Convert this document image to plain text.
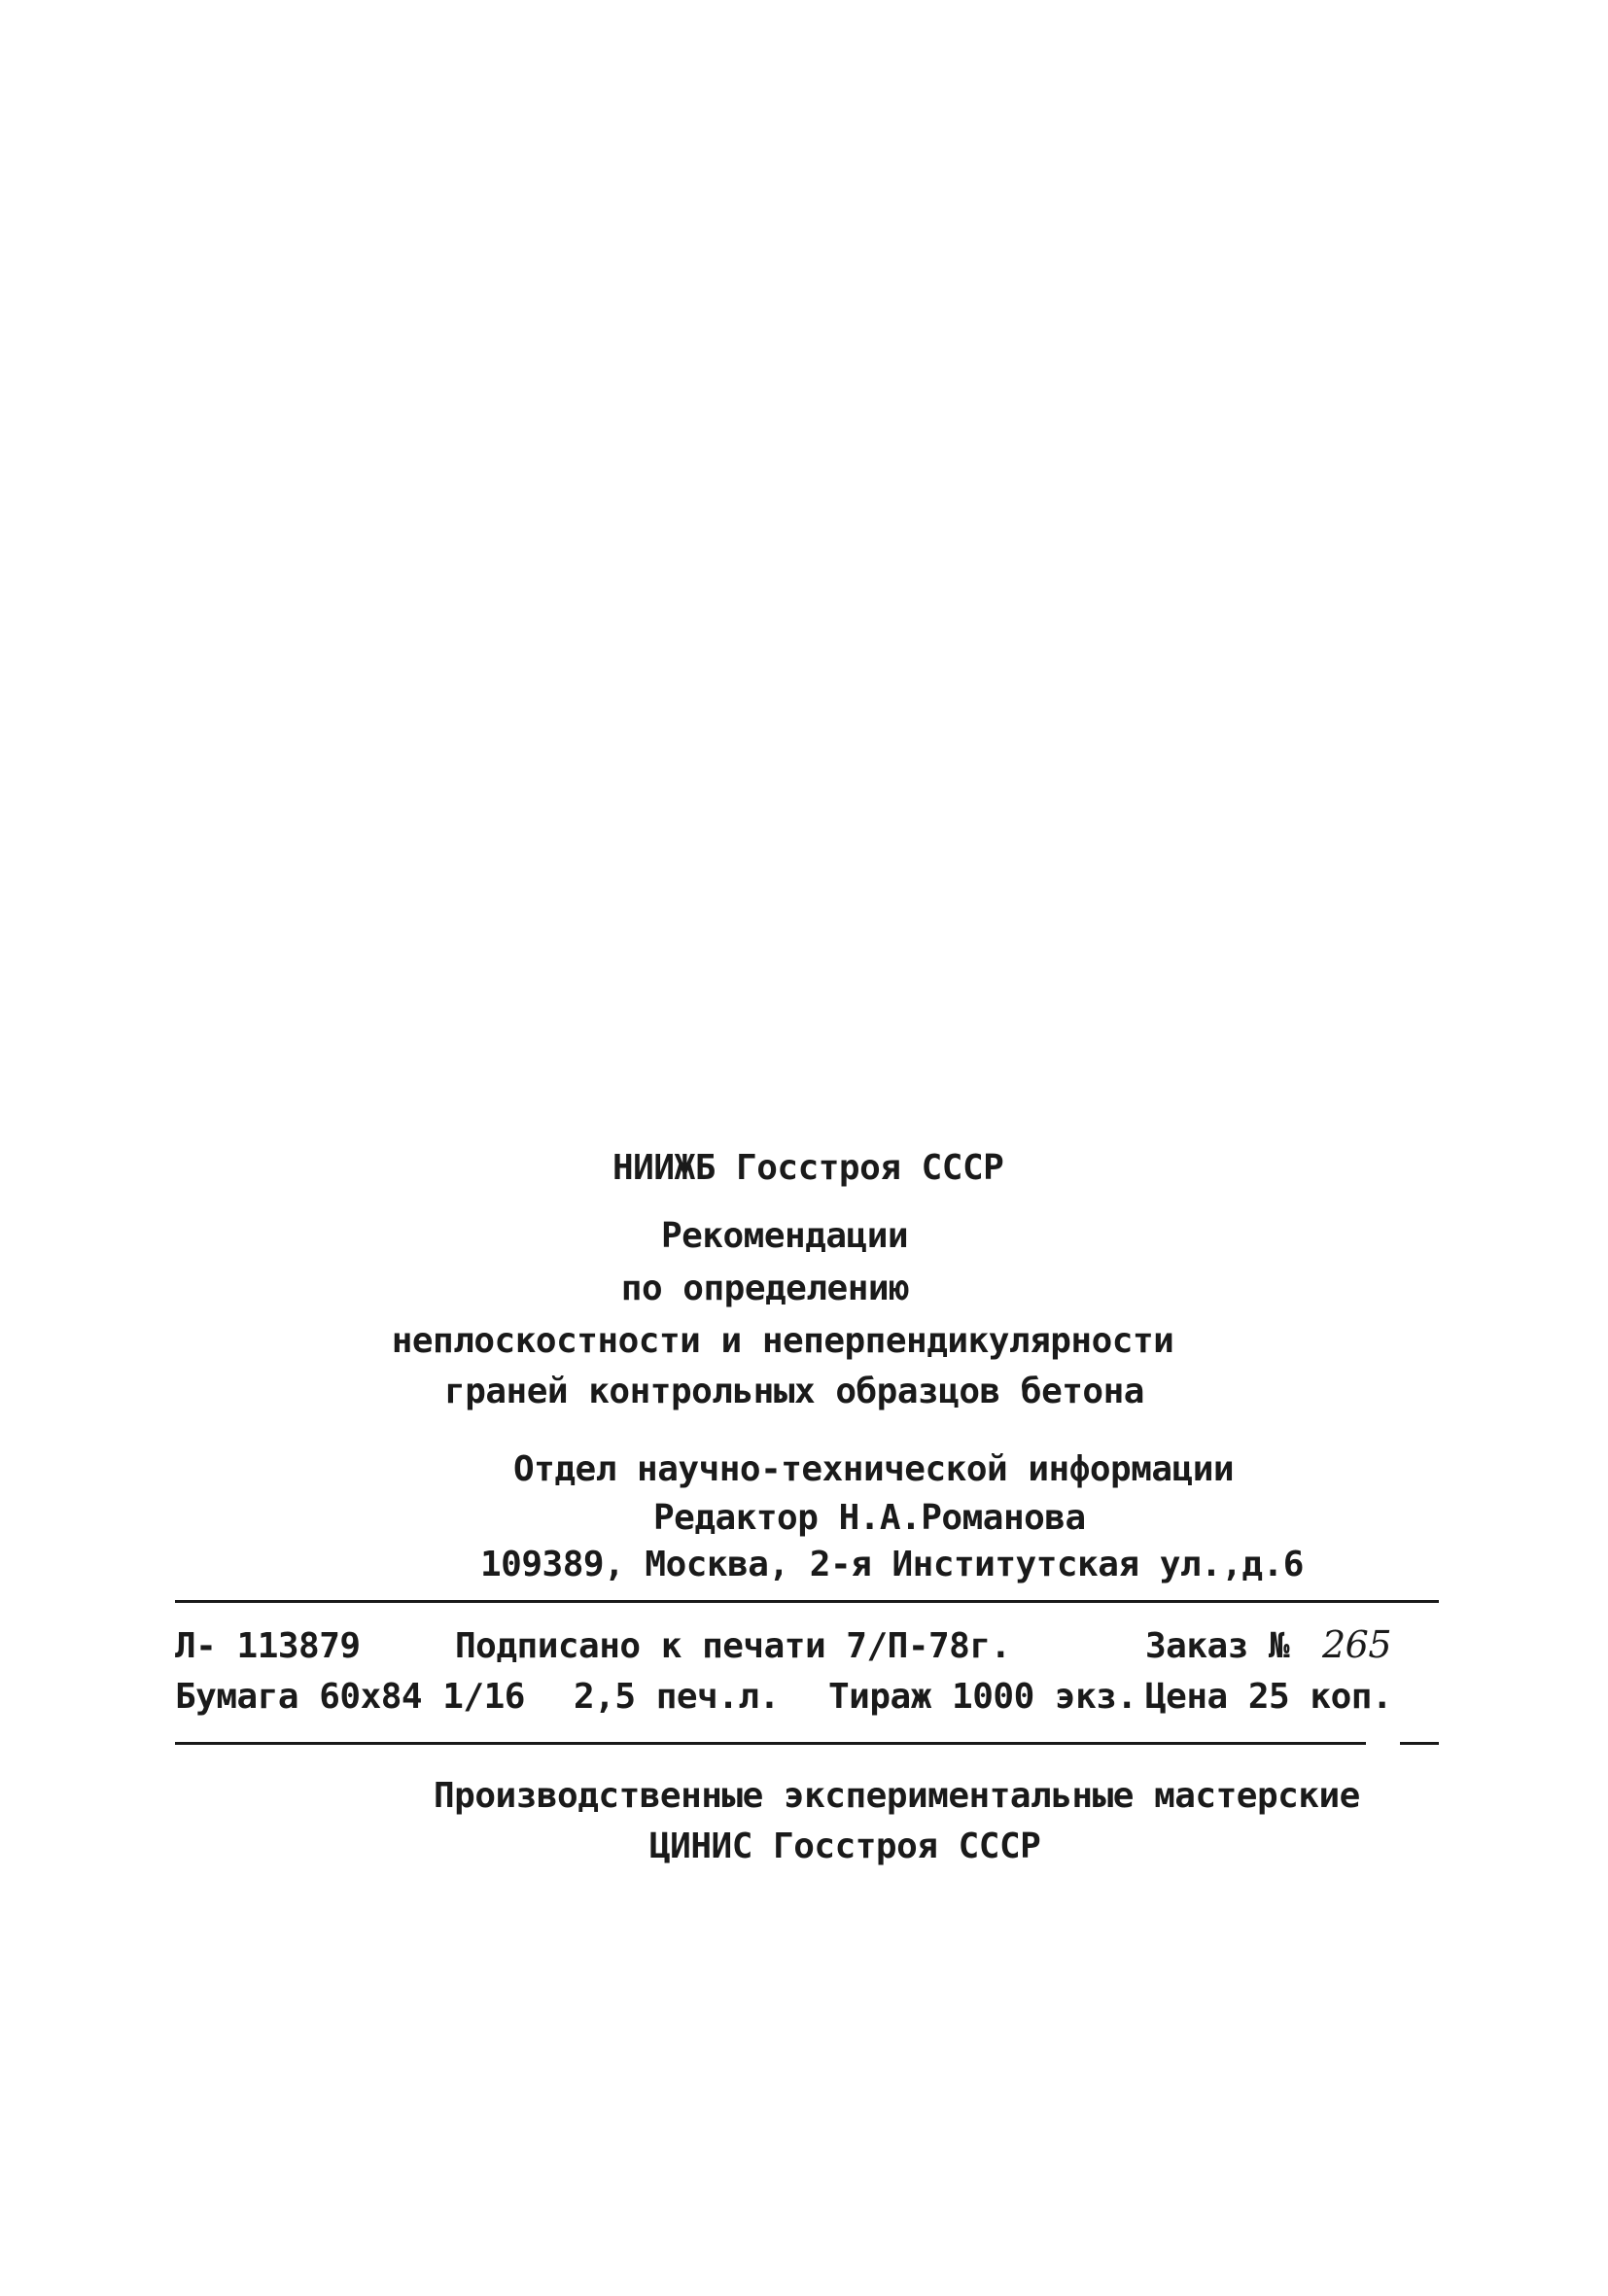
НИИЖБ Госстроя СССР
Рекомендации
по определению
неплоскостности и неперпендикулярности
граней контрольных образцов бетона
Отдел научно-технической информации
Редактор Н.А.Романова
109389, Москва, 2-я Институтская ул.,д.6
Л- 113879	Подписано к печати 7/П-78г.	Заказ № 265
Бумага 60х84 1/16 2,5 печ.л. Тираж 1000 экз. Цена 25 коп.
Производственные экспериментальные мастерские
ЦИНИС Госстроя СССР
